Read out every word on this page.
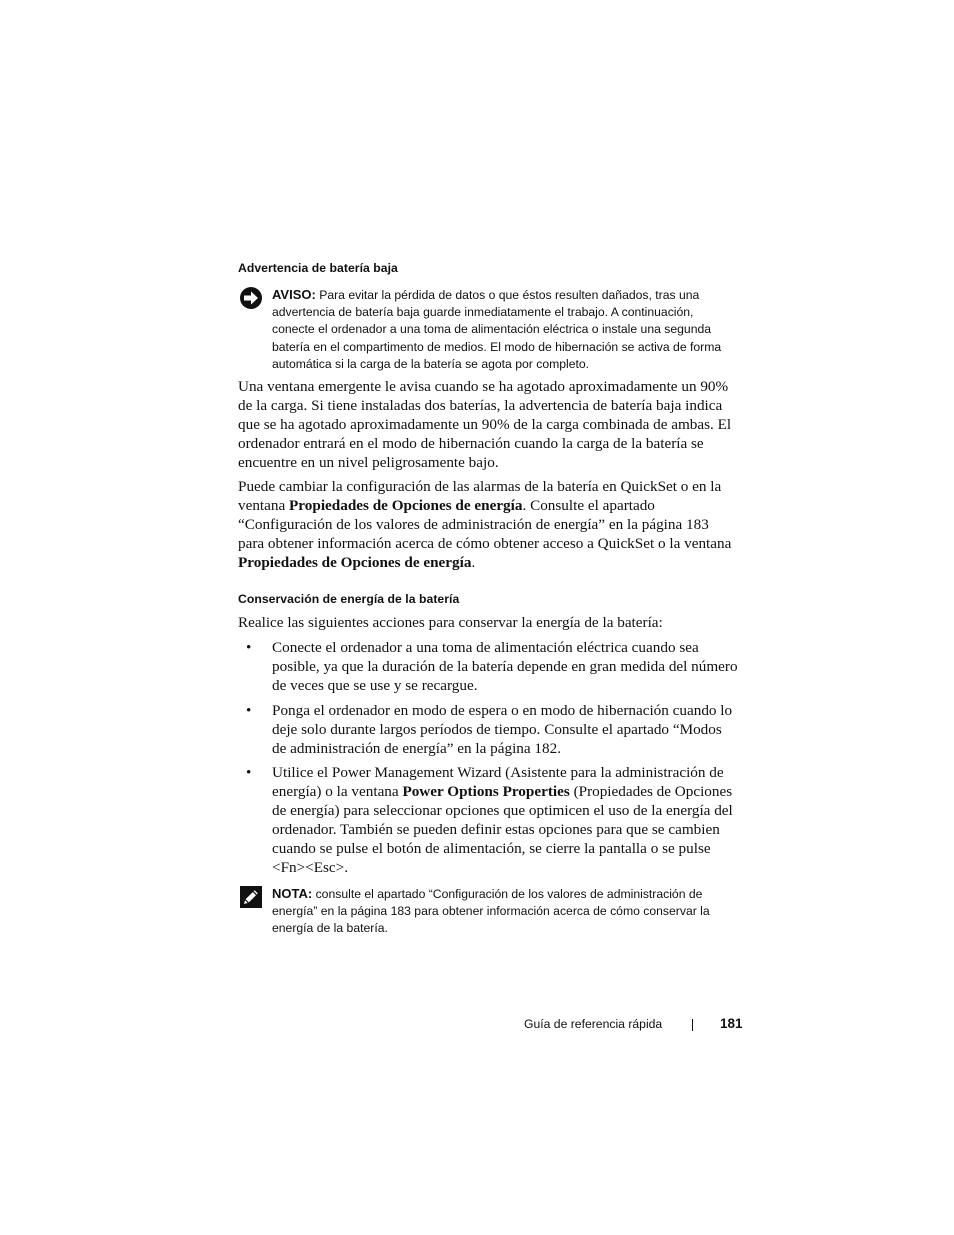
Advertencia de batería baja
AVISO: Para evitar la pérdida de datos o que éstos resulten dañados, tras una advertencia de batería baja guarde inmediatamente el trabajo. A continuación, conecte el ordenador a una toma de alimentación eléctrica o instale una segunda batería en el compartimento de medios. El modo de hibernación se activa de forma automática si la carga de la batería se agota por completo.

Una ventana emergente le avisa cuando se ha agotado aproximadamente un 90% de la carga. Si tiene instaladas dos baterías, la advertencia de batería baja indica que se ha agotado aproximadamente un 90% de la carga combinada de ambas. El ordenador entrará en el modo de hibernación cuando la carga de la batería se encuentre en un nivel peligrosamente bajo.

Puede cambiar la configuración de las alarmas de la batería en QuickSet o en la ventana Propiedades de Opciones de energía. Consulte el apartado “Configuración de los valores de administración de energía” en la página 183 para obtener información acerca de cómo obtener acceso a QuickSet o la ventana Propiedades de Opciones de energía.

Conservación de energía de la batería

Realice las siguientes acciones para conservar la energía de la batería:

• Conecte el ordenador a una toma de alimentación eléctrica cuando sea posible, ya que la duración de la batería depende en gran medida del número de veces que se use y se recargue.
• Ponga el ordenador en modo de espera o en modo de hibernación cuando lo deje solo durante largos períodos de tiempo. Consulte el apartado “Modos de administración de energía” en la página 182.
• Utilice el Power Management Wizard (Asistente para la administración de energía) o la ventana Power Options Properties (Propiedades de Opciones de energía) para seleccionar opciones que optimicen el uso de la energía del ordenador. También se pueden definir estas opciones para que se cambien cuando se pulse el botón de alimentación, se cierre la pantalla o se pulse <Fn><Esc>.
NOTA: consulte el apartado “Configuración de los valores de administración de energía” en la página 183 para obtener información acerca de cómo conservar la energía de la batería.
Guía de referencia rápida	181
